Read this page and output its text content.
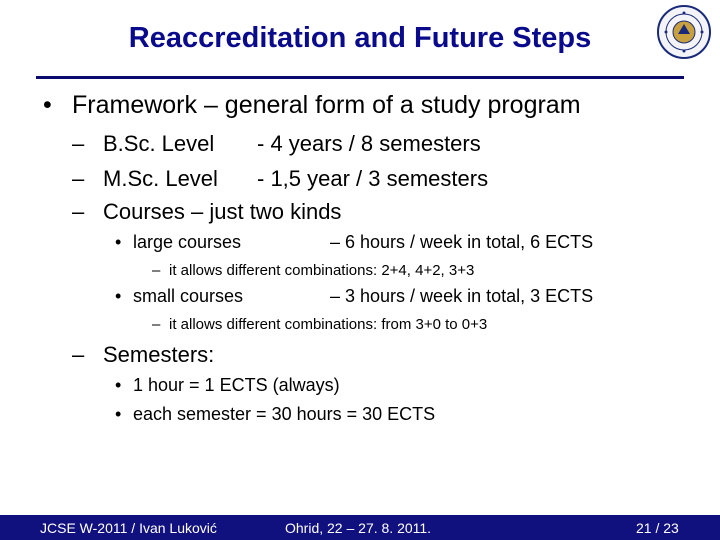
Reaccreditation and Future Steps
• Framework – general form of a study program
– B.Sc. Level - 4 years / 8 semesters
– M.Sc. Level - 1,5 year / 3 semesters
– Courses – just two kinds
• large courses	– 6 hours / week in total, 6 ECTS
– it allows different combinations: 2+4, 4+2, 3+3
• small courses	– 3 hours / week in total, 3 ECTS
– it allows different combinations: from 3+0 to 0+3
– Semesters:
• 1 hour = 1 ECTS (always)
• each semester = 30 hours = 30 ECTS
JCSE W-2011 / Ivan Luković	Ohrid, 22 – 27. 8. 2011.	21 / 23
